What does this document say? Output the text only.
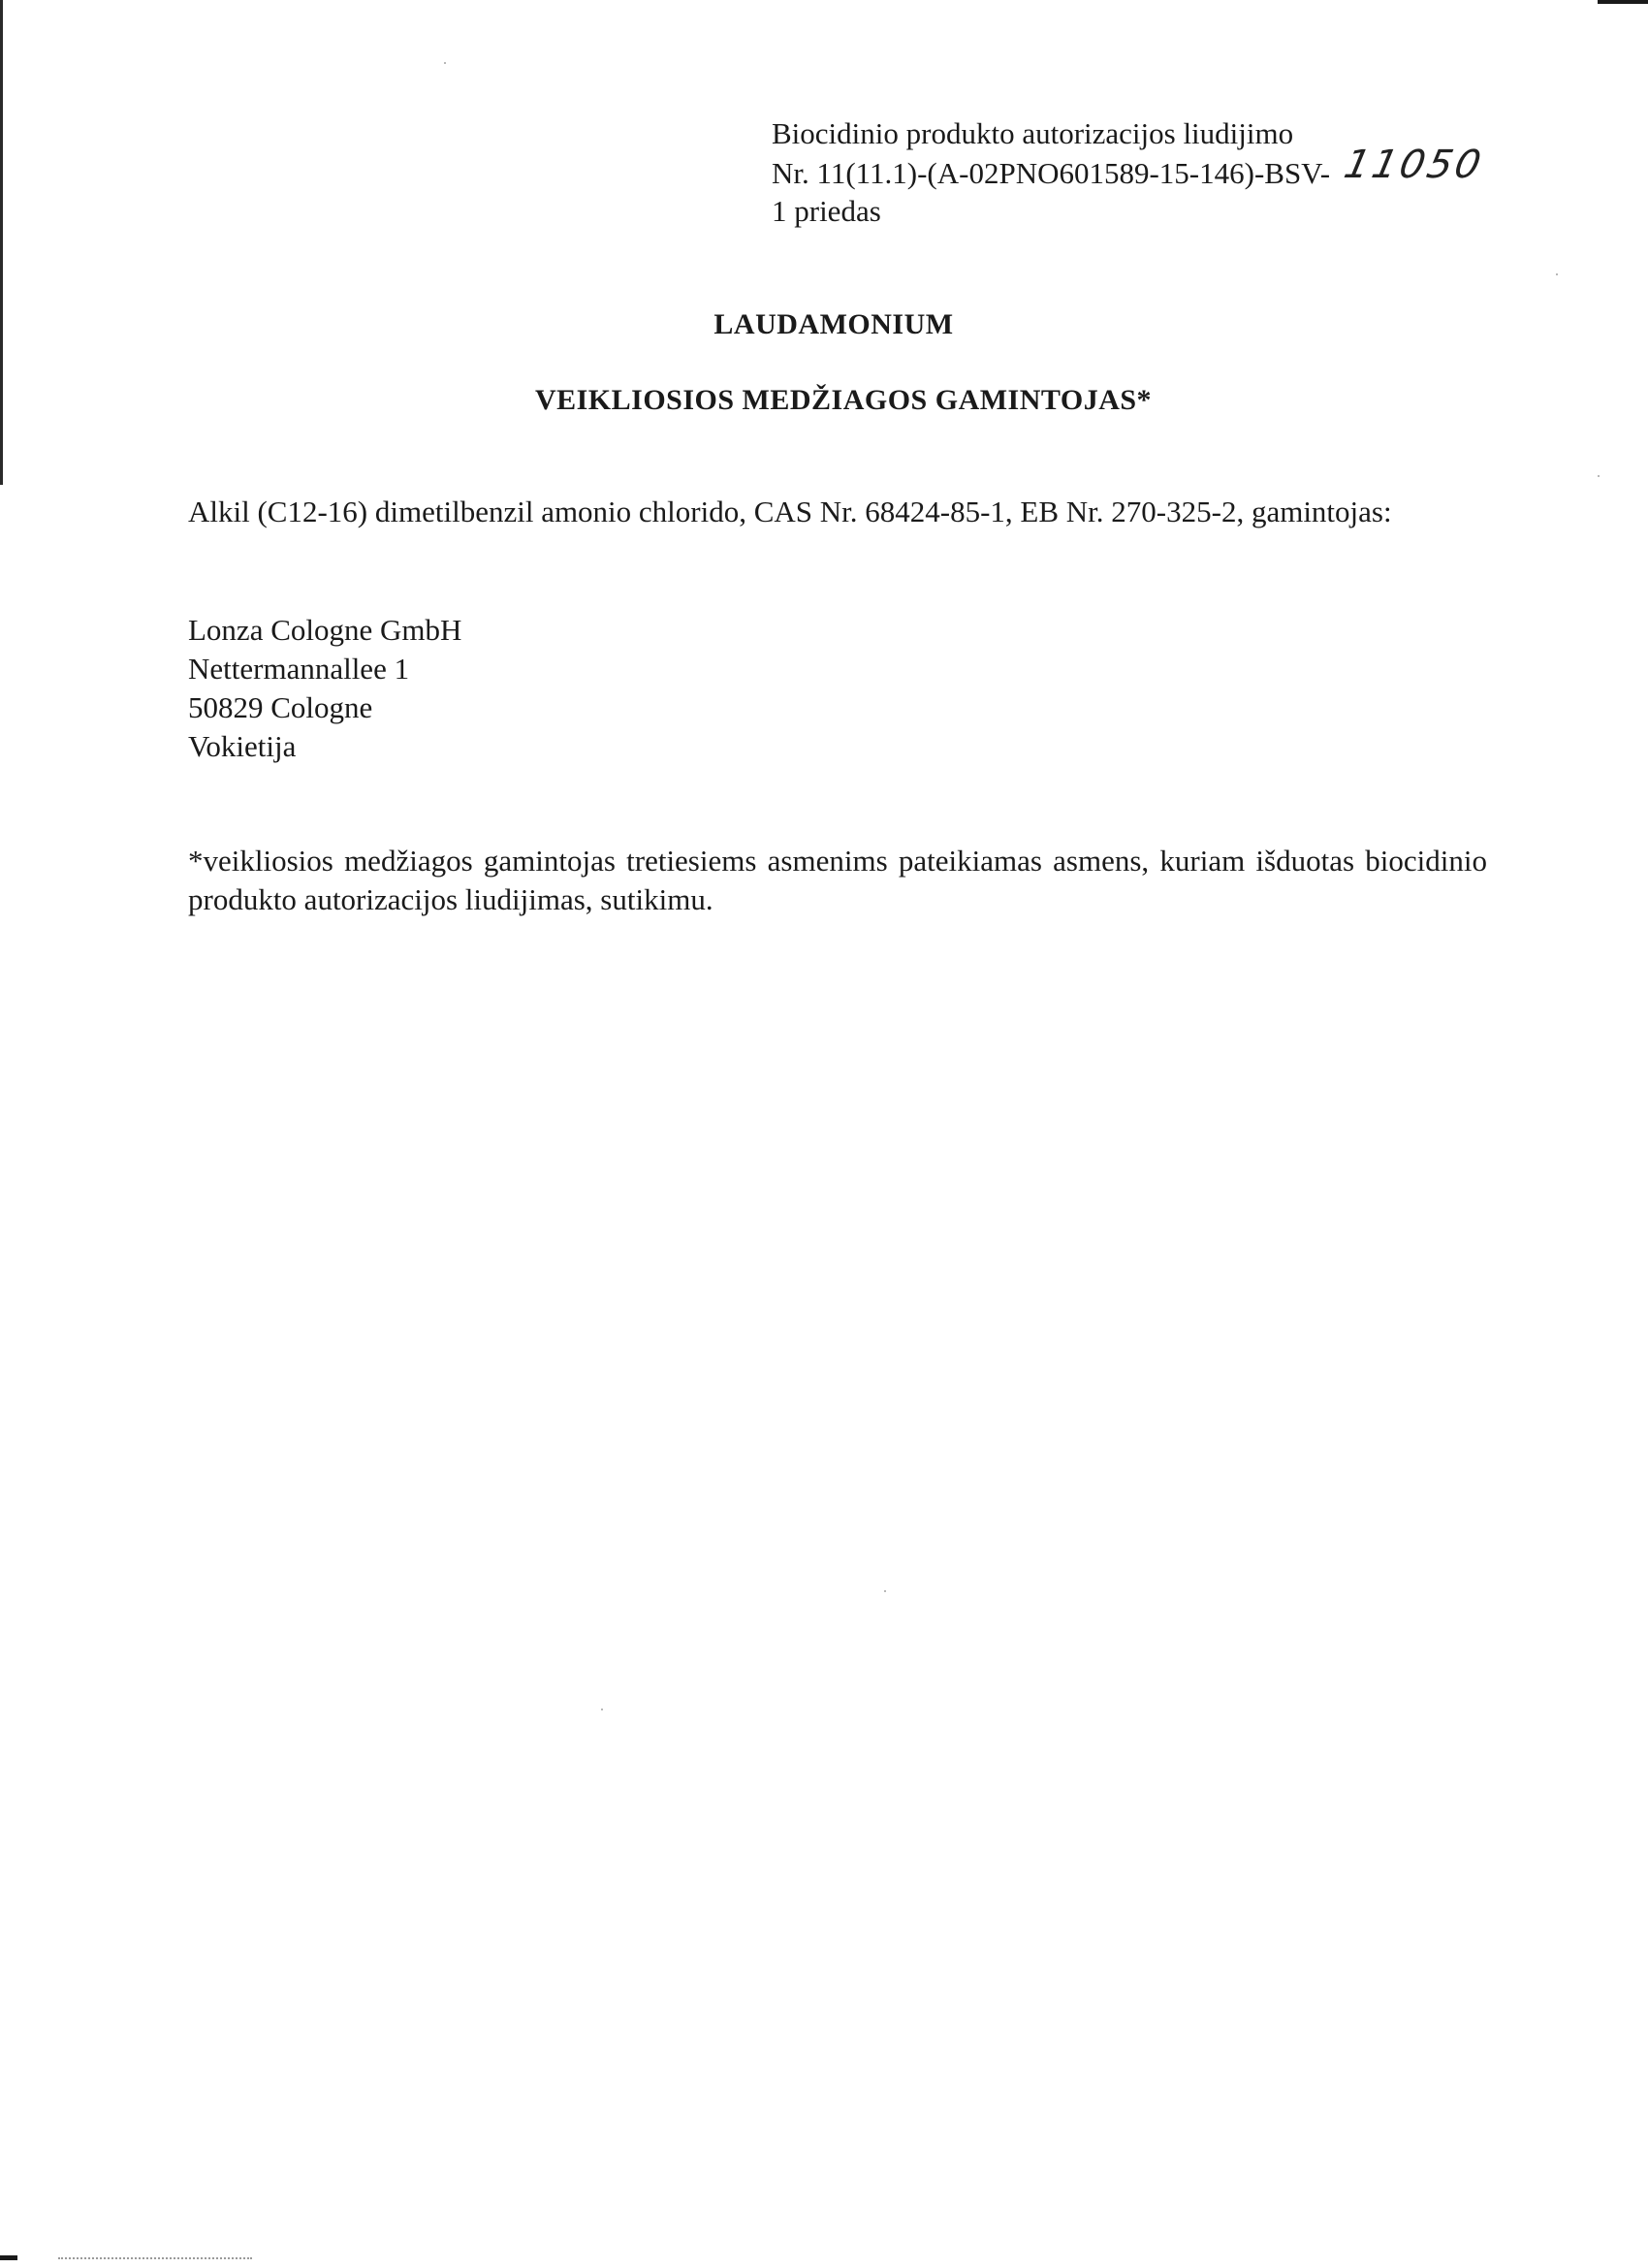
Biocidinio produkto autorizacijos liudijimo
Nr. 11(11.1)-(A-02PNO601589-15-146)-BSV- 11050
1 priedas
LAUDAMONIUM
VEIKLIOSIOS MEDŽIAGOS GAMINTOJAS*
Alkil (C12-16) dimetilbenzil amonio chlorido, CAS Nr. 68424-85-1, EB Nr. 270-325-2, gamintojas:
Lonza Cologne GmbH
Nettermannallee 1
50829 Cologne
Vokietija
*veikliosios medžiagos gamintojas tretiesiems asmenims pateikiamas asmens, kuriam išduotas biocidinio produkto autorizacijos liudijimas, sutikimu.
